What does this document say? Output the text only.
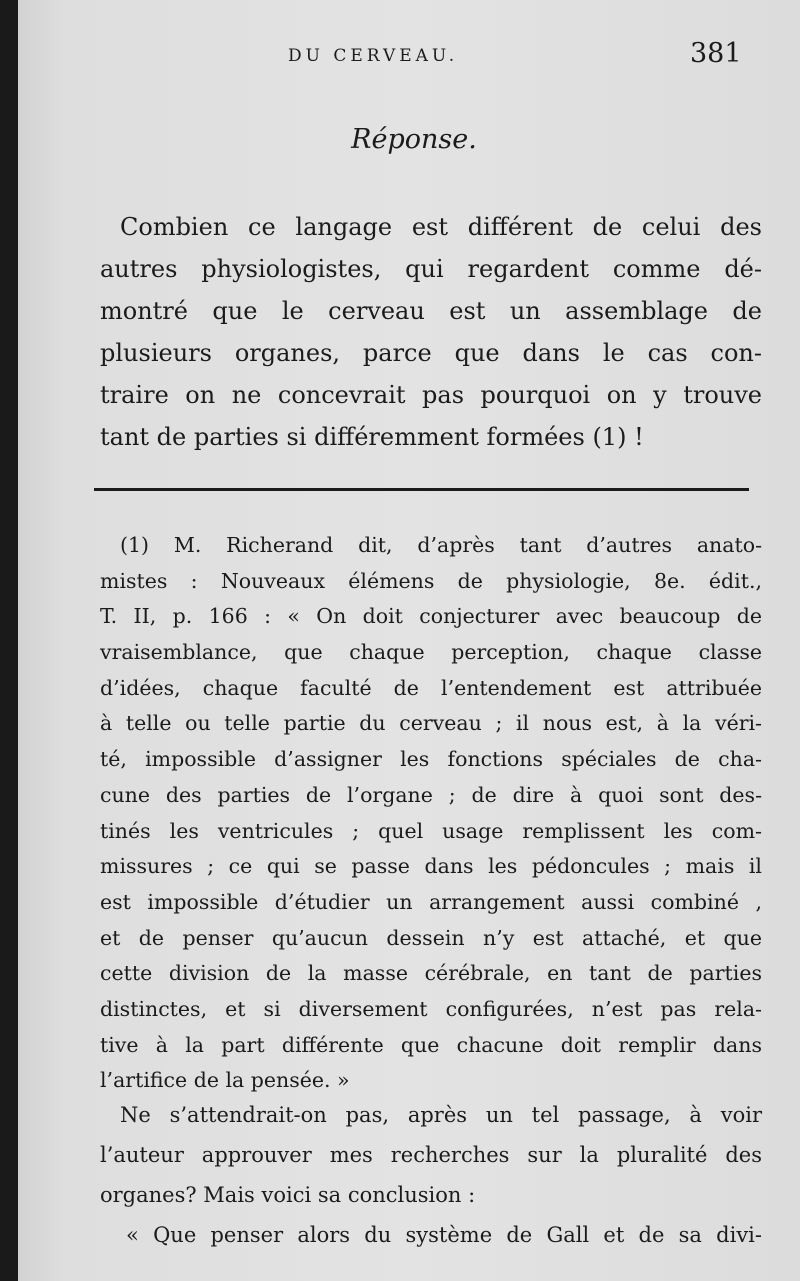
DU CERVEAU.	381
Réponse.
Combien ce langage est différent de celui des
autres physiologistes, qui regardent comme dé-
montré que le cerveau est un assemblage de
plusieurs organes, parce que dans le cas con-
traire on ne concevrait pas pourquoi on y trouve
tant de parties si différemment formées (1) !
(1) M. Richerand dit, d’après tant d’autres anato-
mistes : Nouveaux élémens de physiologie, 8e. édit.,
T. II, p. 166 : « On doit conjecturer avec beaucoup de
vraisemblance, que chaque perception, chaque classe
d’idées, chaque faculté de l’entendement est attribuée
à telle ou telle partie du cerveau ; il nous est, à la véri-
té, impossible d’assigner les fonctions spéciales de cha-
cune des parties de l’organe ; de dire à quoi sont des-
tinés les ventricules ; quel usage remplissent les com-
missures ; ce qui se passe dans les pédoncules ; mais il
est impossible d’étudier un arrangement aussi combiné ,
et de penser qu’aucun dessein n’y est attaché, et que
cette division de la masse cérébrale, en tant de parties
distinctes, et si diversement configurées, n’est pas rela-
tive à la part différente que chacune doit remplir dans
l’artifice de la pensée. »
Ne s’attendrait-on pas, après un tel passage, à voir
l’auteur approuver mes recherches sur la pluralité des
organes? Mais voici sa conclusion :
« Que penser alors du système de Gall et de sa divi-
